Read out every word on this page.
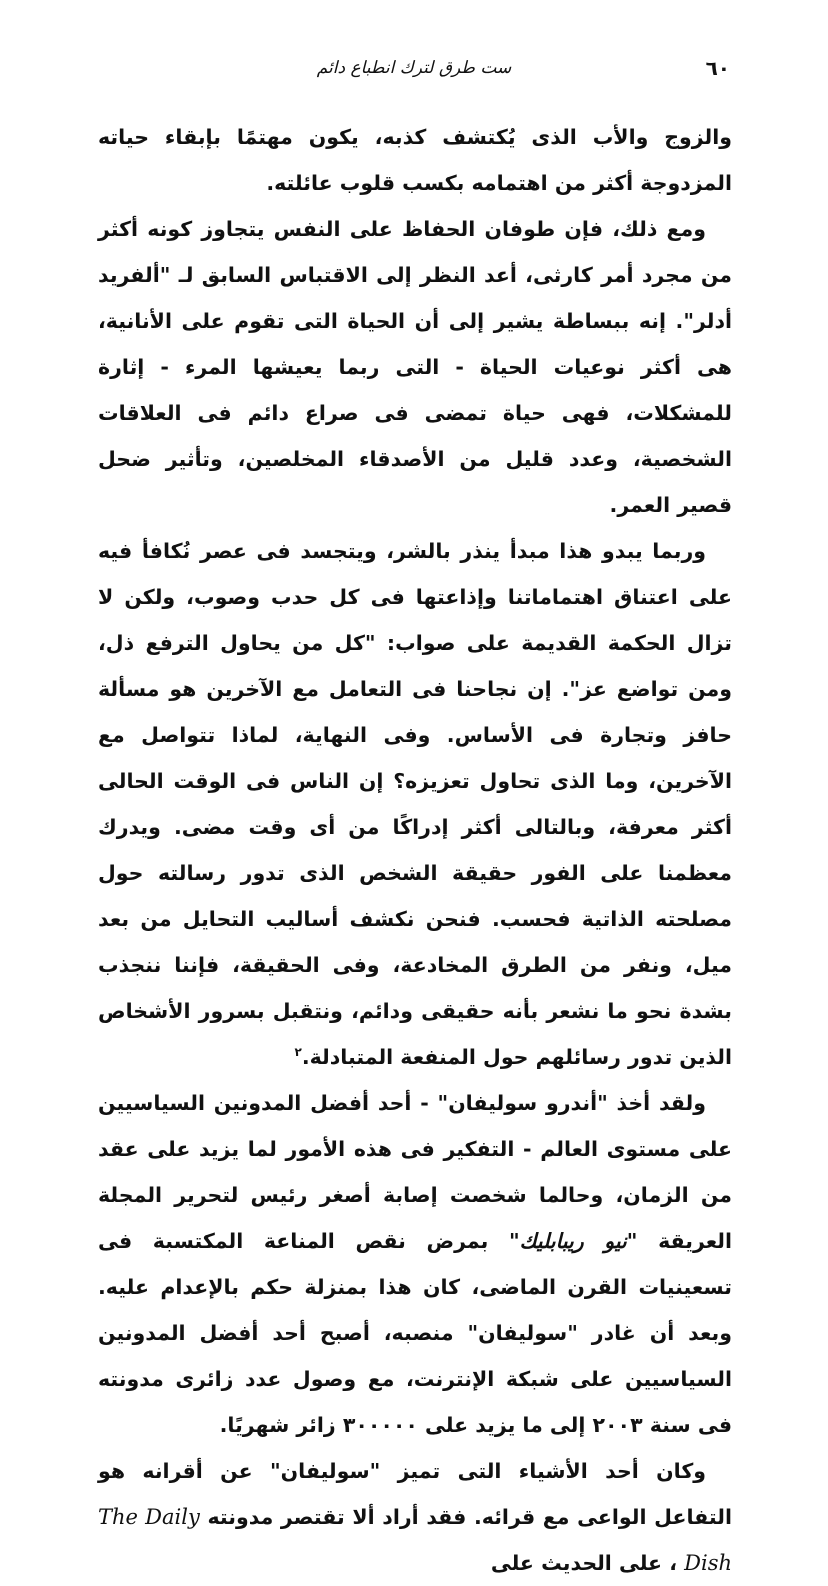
٦٠
ست طرق لترك انطباع دائم

والزوج والأب الذى يُكتشف كذبه، يكون مهتمًا بإبقاء حياته المزدوجة أكثر من اهتمامه بكسب قلوب عائلته.

ومع ذلك، فإن طوفان الحفاظ على النفس يتجاوز كونه أكثر من مجرد أمر كارثى، أعد النظر إلى الاقتباس السابق لـ "ألفريد أدلر". إنه ببساطة يشير إلى أن الحياة التى تقوم على الأنانية، هى أكثر نوعيات الحياة - التى ربما يعيشها المرء - إثارة للمشكلات، فهى حياة تمضى فى صراع دائم فى العلاقات الشخصية، وعدد قليل من الأصدقاء المخلصين، وتأثير ضحل قصير العمر.

وربما يبدو هذا مبدأ ينذر بالشر، ويتجسد فى عصر نُكافأ فيه على اعتناق اهتماماتنا وإذاعتها فى كل حدب وصوب، ولكن لا تزال الحكمة القديمة على صواب: "كل من يحاول الترفع ذل، ومن تواضع عز". إن نجاحنا فى التعامل مع الآخرين هو مسألة حافز وتجارة فى الأساس. وفى النهاية، لماذا تتواصل مع الآخرين، وما الذى تحاول تعزيزه؟ إن الناس فى الوقت الحالى أكثر معرفة، وبالتالى أكثر إدراكًا من أى وقت مضى. ويدرك معظمنا على الفور حقيقة الشخص الذى تدور رسالته حول مصلحته الذاتية فحسب. فنحن نكشف أساليب التحايل من بعد ميل، ونفر من الطرق المخادعة، وفى الحقيقة، فإننا ننجذب بشدة نحو ما نشعر بأنه حقيقى ودائم، ونتقبل بسرور الأشخاص الذين تدور رسائلهم حول المنفعة المتبادلة.$^٢$

ولقد أخذ "أندرو سوليفان" - أحد أفضل المدونين السياسيين على مستوى العالم - التفكير فى هذه الأمور لما يزيد على عقد من الزمان، وحالما شخصت إصابة أصغر رئيس لتحرير المجلة العريقة "نيو ريبابليك" بمرض نقص المناعة المكتسبة فى تسعينيات القرن الماضى، كان هذا بمنزلة حكم بالإعدام عليه. وبعد أن غادر "سوليفان" منصبه، أصبح أحد أفضل المدونين السياسيين على شبكة الإنترنت، مع وصول عدد زائرى مدونته فى سنة ٢٠٠٣ إلى ما يزيد على ٣٠٠٠٠٠ زائر شهريًا.

وكان أحد الأشياء التى تميز "سوليفان" عن أقرانه هو التفاعل الواعى مع قرائه. فقد أراد ألا تقتصر مدونته The Daily Dish ، على الحديث على
